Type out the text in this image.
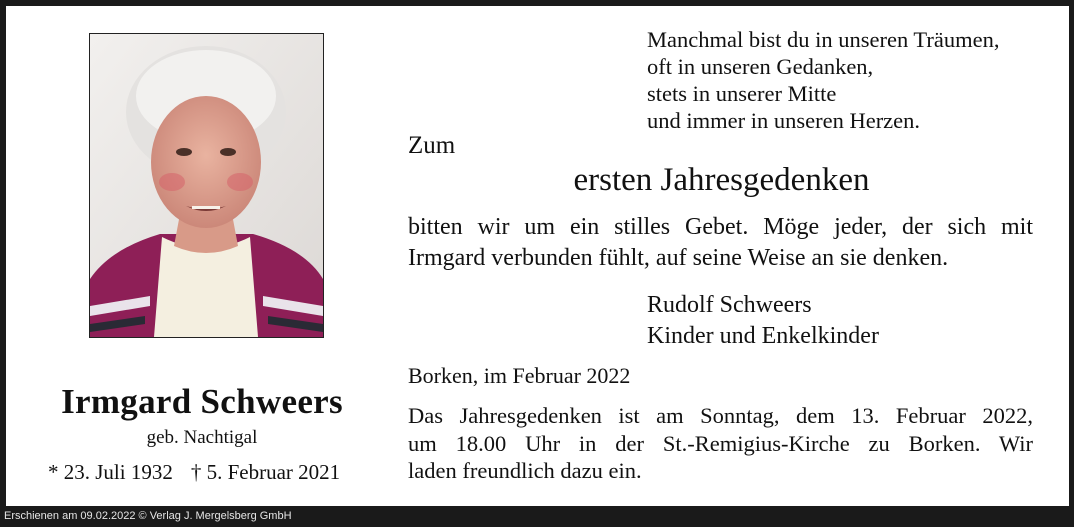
Irmgard Schweers
geb. Nachtigal
* 23. Juli 1932 † 5. Februar 2021
Manchmal bist du in unseren Träumen,
oft in unseren Gedanken,
stets in unserer Mitte
und immer in unseren Herzen.
Zum
ersten Jahresgedenken
bitten wir um ein stilles Gebet. Möge jeder, der sich mit
Irmgard verbunden fühlt, auf seine Weise an sie denken.
Rudolf Schweers
Kinder und Enkelkinder
Borken, im Februar 2022
Das Jahresgedenken ist am Sonntag, dem 13. Februar 2022,
um 18.00 Uhr in der St.-Remigius-Kirche zu Borken. Wir
laden freundlich dazu ein.
Erschienen am 09.02.2022 © Verlag J. Mergelsberg GmbH
